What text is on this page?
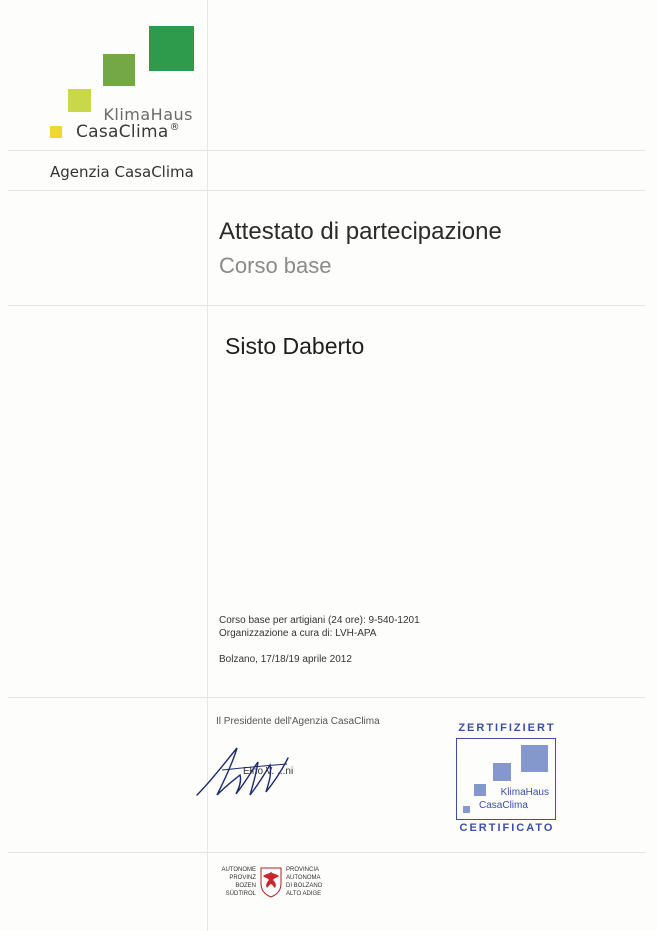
KlimaHaus
CasaClima®
Agenzia CasaClima
Attestato di partecipazione
Corso base
Sisto Daberto
Corso base per artigiani (24 ore): 9-540-1201
Organizzazione a cura di: LVH-APA
Bolzano, 17/18/19 aprile 2012
Il Presidente dell'Agenzia CasaClima
Ełno V. ...ni
ZERTIFIZIERT
KlimaHaus
CasaClima
CERTIFICATO
AUTONOME
PROVINZ
BOZEN
SÜDTIROL
PROVINCIA
AUTONOMA
DI BOLZANO
ALTO ADIGE
